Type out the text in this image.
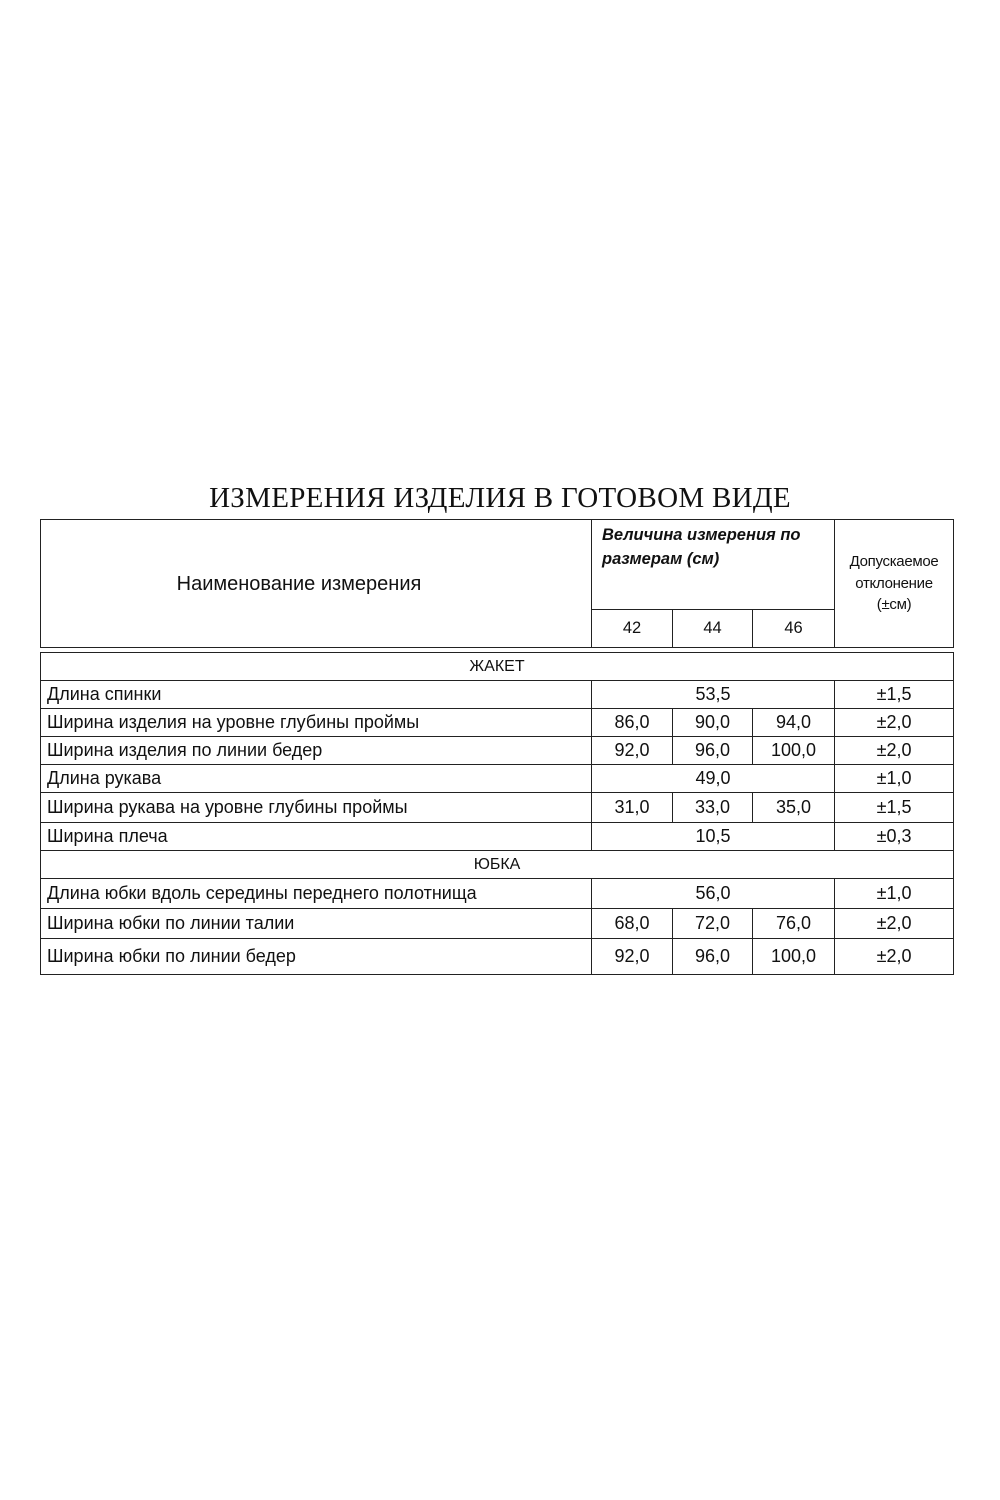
ИЗМЕРЕНИЯ ИЗДЕЛИЯ В ГОТОВОМ ВИДЕ
Наименование измерения	Величина измерения по размерам (см)			Допускаемое отклонение (±см)
	42	44	46	

ЖАКЕТ				
Длина спинки	53,5			±1,5
Ширина изделия на уровне глубины проймы	86,0	90,0	94,0	±2,0
Ширина изделия по линии бедер	92,0	96,0	100,0	±2,0
Длина рукава	49,0			±1,0
Ширина рукава на уровне глубины проймы	31,0	33,0	35,0	±1,5
Ширина плеча	10,5			±0,3
ЮБКА				
Длина юбки вдоль середины переднего полотнища	56,0			±1,0
Ширина юбки по линии талии	68,0	72,0	76,0	±2,0
Ширина юбки по линии бедер	92,0	96,0	100,0	±2,0
